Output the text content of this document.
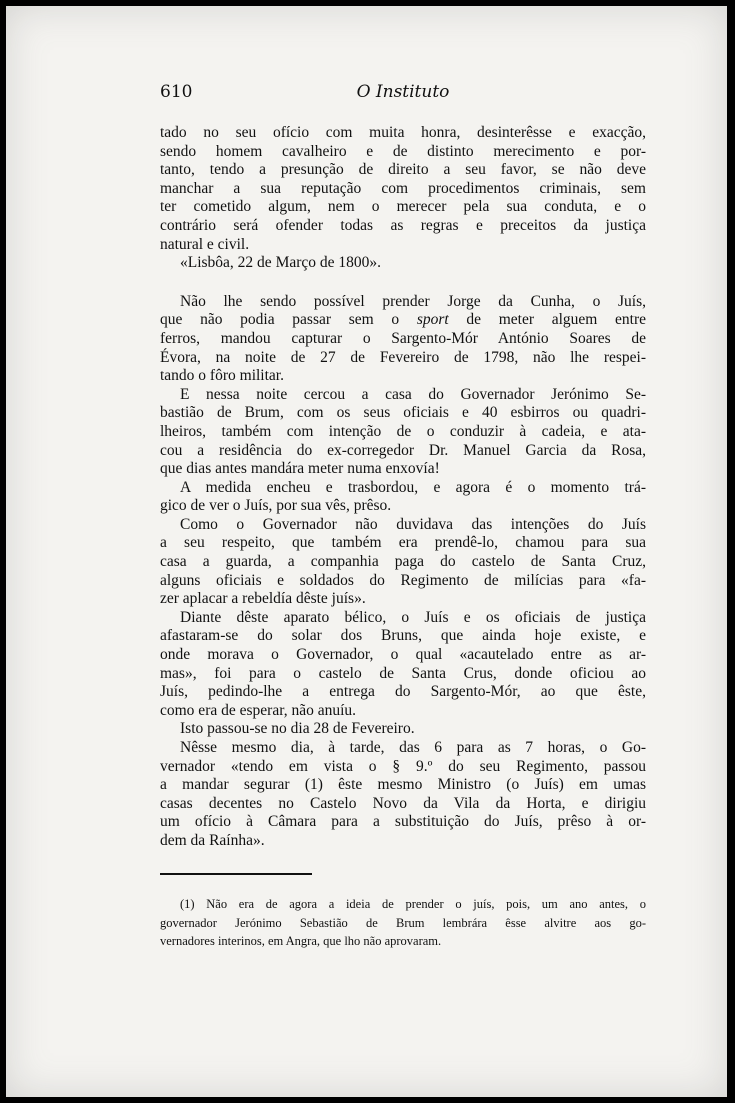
610	O Instituto
tado no seu ofício com muita honra, desinterêsse e exacção,
sendo homem cavalheiro e de distinto merecimento e por-
tanto, tendo a presunção de direito a seu favor, se não deve
manchar a sua reputação com procedimentos criminais, sem
ter cometido algum, nem o merecer pela sua conduta, e o
contrário será ofender todas as regras e preceitos da justiça
natural e civil.
«Lisbôa, 22 de Março de 1800».
Não lhe sendo possível prender Jorge da Cunha, o Juís,
que não podia passar sem o sport de meter alguem entre
ferros, mandou capturar o Sargento-Mór António Soares de
Évora, na noite de 27 de Fevereiro de 1798, não lhe respei-
tando o fôro militar.
E nessa noite cercou a casa do Governador Jerónimo Se-
bastião de Brum, com os seus oficiais e 40 esbirros ou quadri-
lheiros, também com intenção de o conduzir à cadeia, e ata-
cou a residência do ex-corregedor Dr. Manuel Garcia da Rosa,
que dias antes mandára meter numa enxovía!
A medida encheu e trasbordou, e agora é o momento trá-
gico de ver o Juís, por sua vês, prêso.
Como o Governador não duvidava das intenções do Juís
a seu respeito, que também era prendê-lo, chamou para sua
casa a guarda, a companhia paga do castelo de Santa Cruz,
alguns oficiais e soldados do Regimento de milícias para «fa-
zer aplacar a rebeldía dêste juís».
Diante dêste aparato bélico, o Juís e os oficiais de justiça
afastaram-se do solar dos Bruns, que ainda hoje existe, e
onde morava o Governador, o qual «acautelado entre as ar-
mas», foi para o castelo de Santa Crus, donde oficiou ao
Juís, pedindo-lhe a entrega do Sargento-Mór, ao que êste,
como era de esperar, não anuíu.
Isto passou-se no dia 28 de Fevereiro.
Nêsse mesmo dia, à tarde, das 6 para as 7 horas, o Go-
vernador «tendo em vista o § 9.º do seu Regimento, passou
a mandar segurar (1) êste mesmo Ministro (o Juís) em umas
casas decentes no Castelo Novo da Vila da Horta, e dirigiu
um ofício à Câmara para a substituição do Juís, prêso à or-
dem da Raínha».
(1) Não era de agora a ideia de prender o juís, pois, um ano antes, o
governador Jerónimo Sebastião de Brum lembrára êsse alvitre aos go-
vernadores interinos, em Angra, que lho não aprovaram.
